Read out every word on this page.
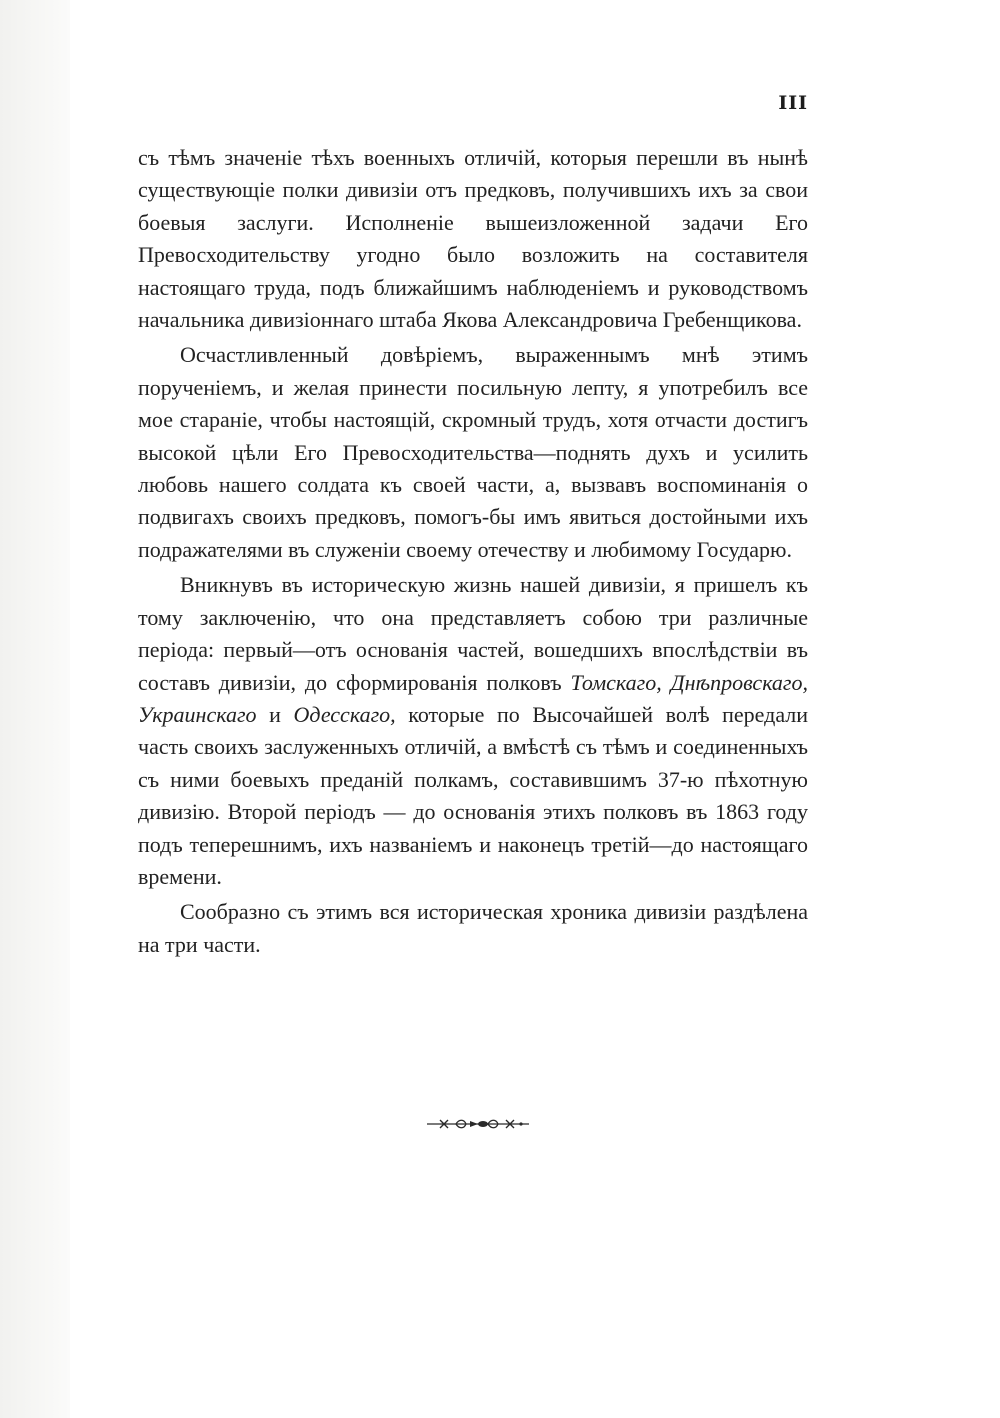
III

съ тѣмъ значеніе тѣхъ военныхъ отличій, которыя перешли въ нынѣ существующіе полки дивизіи отъ предковъ, получившихъ ихъ за свои боевыя заслуги. Исполненіе вышеизложенной задачи Его Превосходительству угодно было возложить на составителя настоящаго труда, подъ ближайшимъ наблюденіемъ и руководствомъ начальника дивизіоннаго штаба Якова Александровича Гребенщикова.

Осчастливленный довѣріемъ, выраженнымъ мнѣ этимъ порученіемъ, и желая принести посильную лепту, я употребилъ все мое стараніе, чтобы настоящій, скромный трудъ, хотя отчасти достигъ высокой цѣли Его Превосходительства—поднять духъ и усилить любовь нашего солдата къ своей части, а, вызвавъ воспоминанія о подвигахъ своихъ предковъ, помогъ-бы имъ явиться достойными ихъ подражателями въ служеніи своему отечеству и любимому Государю.

Вникнувъ въ историческую жизнь нашей дивизіи, я пришелъ къ тому заключенію, что она представляетъ собою три различные періода: первый—отъ основанія частей, вошедшихъ впослѣдствіи въ составъ дивизіи, до сформированія полковъ Томскаго, Днѣпровскаго, Украинскаго и Одесскаго, которые по Высочайшей волѣ передали часть своихъ заслуженныхъ отличій, а вмѣстѣ съ тѣмъ и соединенныхъ съ ними боевыхъ преданій полкамъ, составившимъ 37-ю пѣхотную дивизію. Второй періодъ — до основанія этихъ полковъ въ 1863 году подъ теперешнимъ, ихъ названіемъ и наконецъ третій—до настоящаго времени.

Сообразно съ этимъ вся историческая хроника дивизіи раздѣлена на три части.
